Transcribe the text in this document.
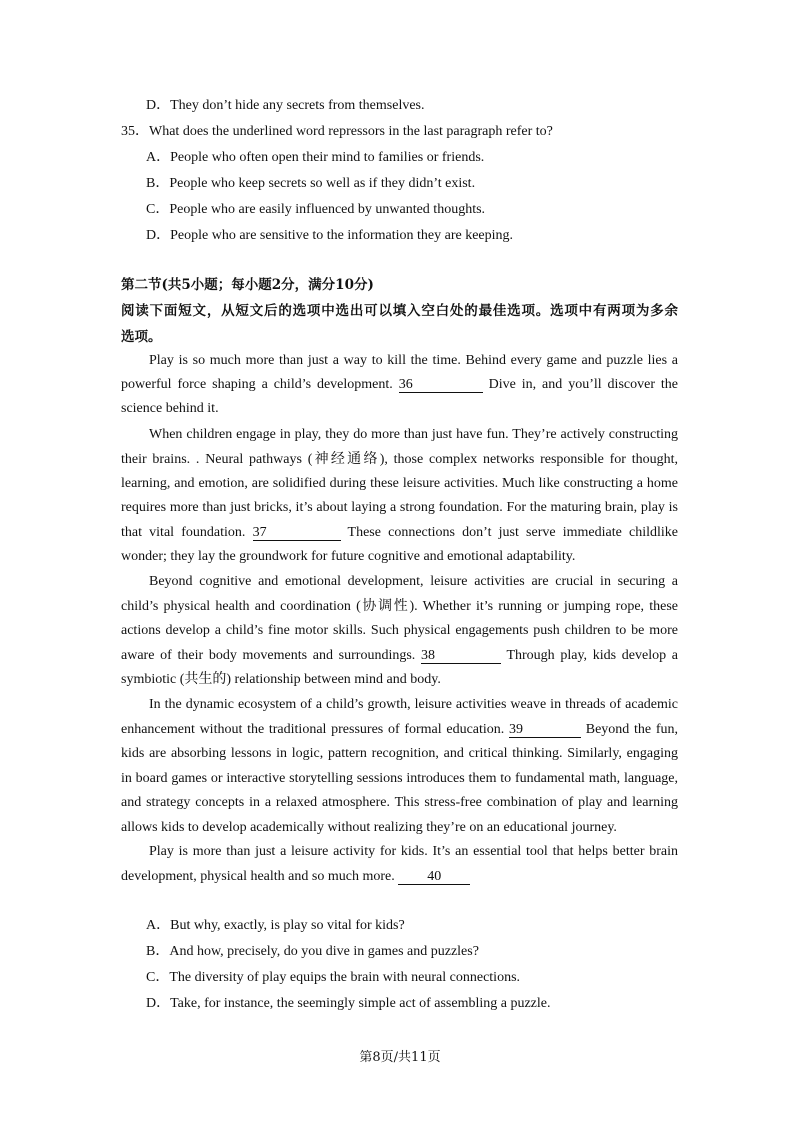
D．They don’t hide any secrets from themselves.
35．What does the underlined word repressors in the last paragraph refer to?
A．People who often open their mind to families or friends.
B．People who keep secrets so well as if they didn’t exist.
C．People who are easily influenced by unwanted thoughts.
D．People who are sensitive to the information they are keeping.
第二节(共5小题；每小题2分，满分10分)
阅读下面短文，从短文后的选项中选出可以填入空白处的最佳选项。选项中有两项为多余
选项。
Play is so much more than just a way to kill the time. Behind every game and puzzle lies a
powerful force shaping a child’s development. 36	Dive in, and you’ll discover the
science behind it.
When children engage in play, they do more than just have fun. They’re actively constructing
their brains. . Neural pathways (神经通络), those complex networks responsible for thought,
learning, and emotion, are solidified during these leisure activities. Much like constructing a home
requires more than just bricks, it’s about laying a strong foundation. For the maturing brain, play is
that vital foundation. 37	These connections don’t just serve immediate childlike
wonder; they lay the groundwork for future cognitive and emotional adaptability.
Beyond cognitive and emotional development, leisure activities are crucial in securing a
child’s physical health and coordination (协调性). Whether it’s running or jumping rope, these
actions develop a child’s fine motor skills. Such physical engagements push children to be more
aware of their body movements and surroundings. 38	Through play, kids develop a
symbiotic (共生的) relationship between mind and body.
In the dynamic ecosystem of a child’s growth, leisure activities weave in threads of academic
enhancement without the traditional pressures of formal education. 39	Beyond the fun,
kids are absorbing lessons in logic, pattern recognition, and critical thinking. Similarly, engaging
in board games or interactive storytelling sessions introduces them to fundamental math, language,
and strategy concepts in a relaxed atmosphere. This stress-free combination of play and learning
allows kids to develop academically without realizing they’re on an educational journey.
Play is more than just a leisure activity for kids. It’s an essential tool that helps better brain
development, physical health and so much more. 40
A．But why, exactly, is play so vital for kids?
B．And how, precisely, do you dive in games and puzzles?
C．The diversity of play equips the brain with neural connections.
D．Take, for instance, the seemingly simple act of assembling a puzzle.
第8页/共11页
